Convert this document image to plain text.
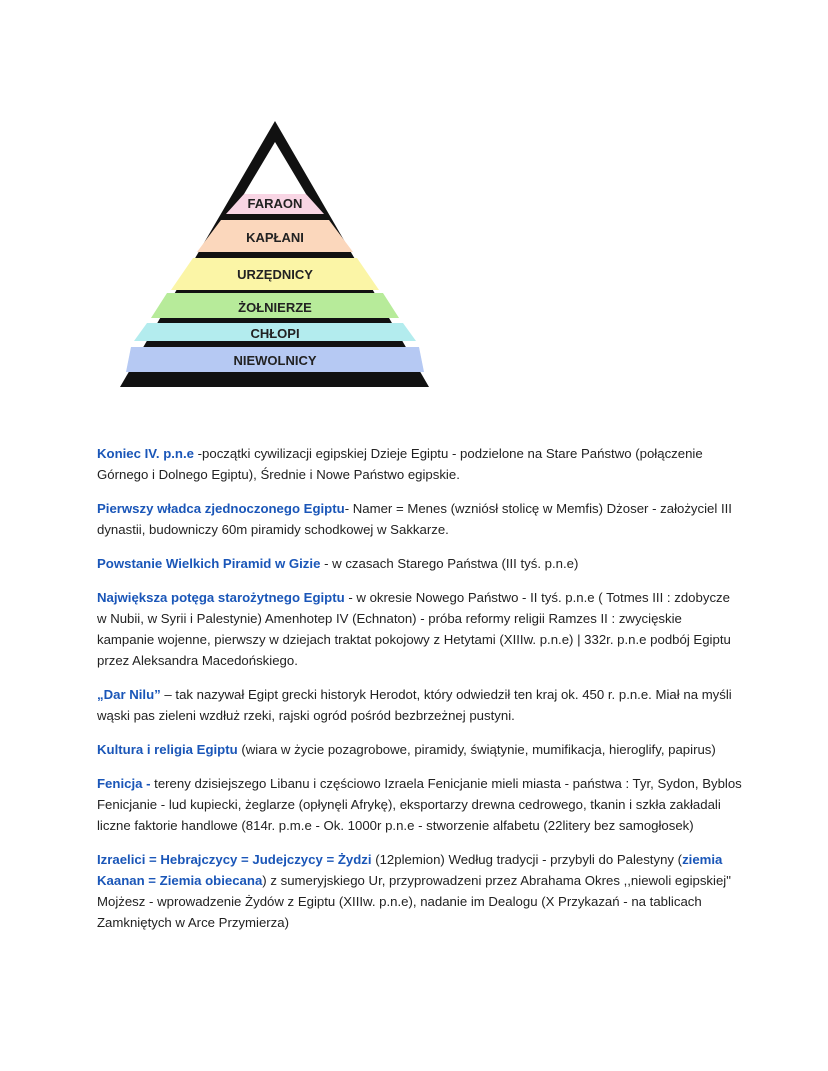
FARAON
KAPŁANI
URZĘDNICY
ŻOŁNIERZE
CHŁOPI
NIEWOLNICY

Koniec IV. p.n.e -początki cywilizacji egipskiej Dzieje Egiptu - podzielone na Stare Państwo (połączenie Górnego i Dolnego Egiptu), Średnie i Nowe Państwo egipskie.

Pierwszy władca zjednoczonego Egiptu- Namer = Menes (wzniósł stolicę w Memfis) Dżoser - założyciel III dynastii, budowniczy 60m piramidy schodkowej w Sakkarze.

Powstanie Wielkich Piramid w Gizie - w czasach Starego Państwa (III tyś. p.n.e)

Największa potęga starożytnego Egiptu - w okresie Nowego Państwo - II tyś. p.n.e ( Totmes III : zdobycze w Nubii, w Syrii i Palestynie) Amenhotep IV (Echnaton) - próba reformy religii Ramzes II : zwycięskie kampanie wojenne, pierwszy w dziejach traktat pokojowy z Hetytami (XIIIw. p.n.e) | 332r. p.n.e podbój Egiptu przez Aleksandra Macedońskiego.

„Dar Nilu” – tak nazywał Egipt grecki historyk Herodot, który odwiedził ten kraj ok. 450 r. p.n.e. Miał na myśli wąski pas zieleni wzdłuż rzeki, rajski ogród pośród bezbrzeżnej pustyni.

Kultura i religia Egiptu (wiara w życie pozagrobowe, piramidy, świątynie, mumifikacja, hieroglify, papirus)

Fenicja - tereny dzisiejszego Libanu i częściowo Izraela Fenicjanie mieli miasta - państwa : Tyr, Sydon, Byblos Fenicjanie - lud kupiecki, żeglarze (opłynęli Afrykę), eksportarzy drewna cedrowego, tkanin i szkła zakładali liczne faktorie handlowe (814r. p.m.e - Ok. 1000r p.n.e - stworzenie alfabetu (22litery bez samogłosek)

Izraelici = Hebrajczycy = Judejczycy = Żydzi (12plemion) Według tradycji - przybyli do Palestyny (ziemia Kaanan = Ziemia obiecana) z sumeryjskiego Ur, przyprowadzeni przez Abrahama Okres ,,niewoli egipskiej" Mojżesz - wprowadzenie Żydów z Egiptu (XIIIw. p.n.e), nadanie im Dealogu (X Przykazań - na tablicach Zamkniętych w Arce Przymierza)
